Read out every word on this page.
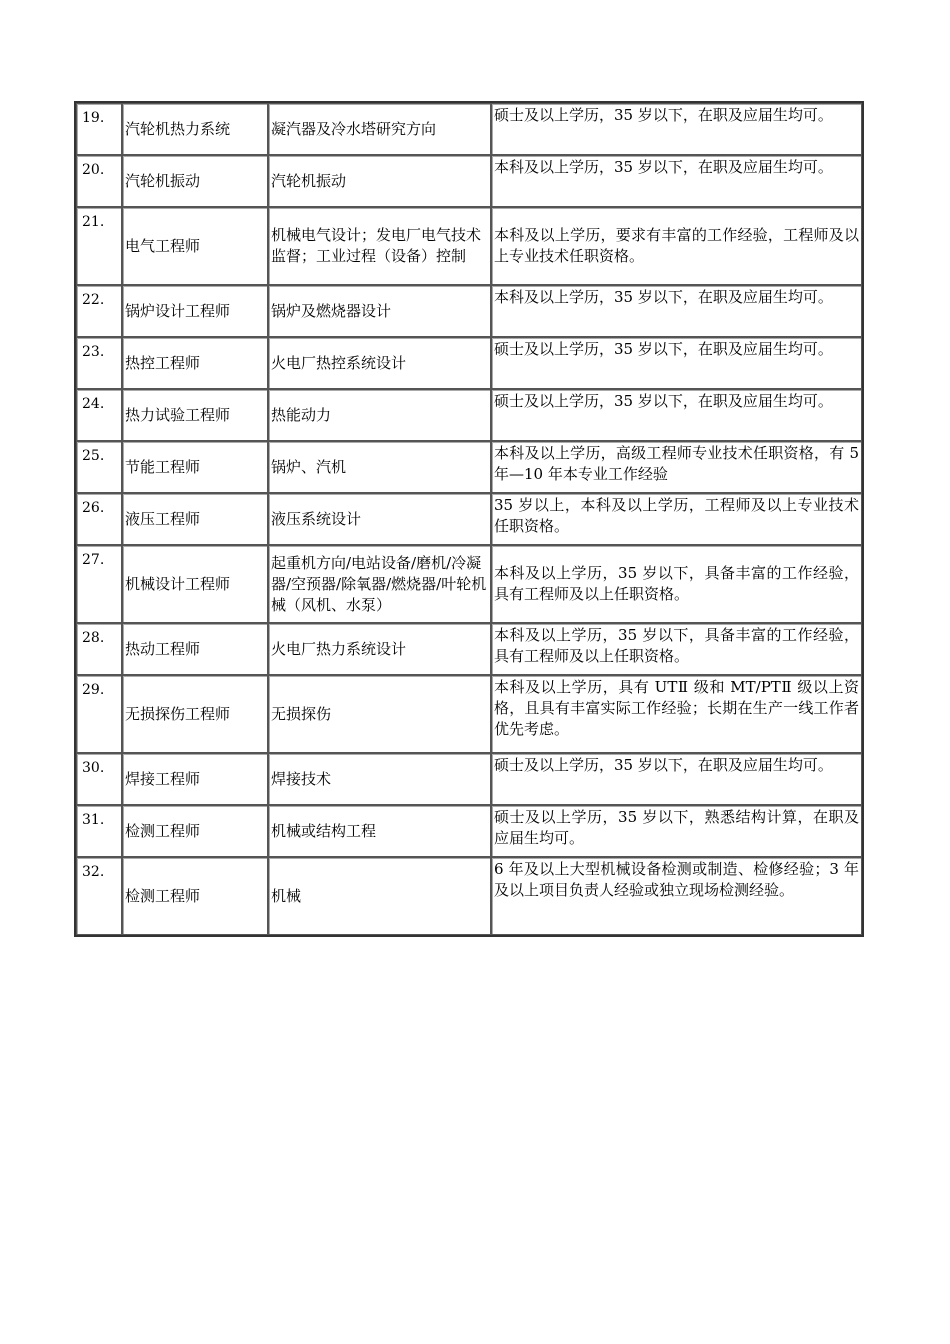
19.	汽轮机热力系统	凝汽器及冷水塔研究方向	硕士及以上学历，35 岁以下，在职及应届生均可。
20.	汽轮机振动	汽轮机振动	本科及以上学历，35 岁以下，在职及应届生均可。
21.	电气工程师	机械电气设计；发电厂电气技术监督；工业过程（设备）控制	本科及以上学历，要求有丰富的工作经验，工程师及以上专业技术任职资格。
22.	锅炉设计工程师	锅炉及燃烧器设计	本科及以上学历，35 岁以下，在职及应届生均可。
23.	热控工程师	火电厂热控系统设计	硕士及以上学历，35 岁以下，在职及应届生均可。
24.	热力试验工程师	热能动力	硕士及以上学历，35 岁以下，在职及应届生均可。
25.	节能工程师	锅炉、汽机	本科及以上学历，高级工程师专业技术任职资格，有 5 年—10 年本专业工作经验
26.	液压工程师	液压系统设计	35 岁以上，本科及以上学历，工程师及以上专业技术任职资格。
27.	机械设计工程师	起重机方向/电站设备/磨机/冷凝器/空预器/除氧器/燃烧器/叶轮机械（风机、水泵）	本科及以上学历，35 岁以下，具备丰富的工作经验，具有工程师及以上任职资格。
28.	热动工程师	火电厂热力系统设计	本科及以上学历，35 岁以下，具备丰富的工作经验，具有工程师及以上任职资格。
29.	无损探伤工程师	无损探伤	本科及以上学历，具有 UTⅡ 级和 MT/PTⅡ 级以上资格，且具有丰富实际工作经验；长期在生产一线工作者优先考虑。
30.	焊接工程师	焊接技术	硕士及以上学历，35 岁以下，在职及应届生均可。
31.	检测工程师	机械或结构工程	硕士及以上学历，35 岁以下，熟悉结构计算，在职及应届生均可。
32.	检测工程师	机械	6 年及以上大型机械设备检测或制造、检修经验；3 年及以上项目负责人经验或独立现场检测经验。
